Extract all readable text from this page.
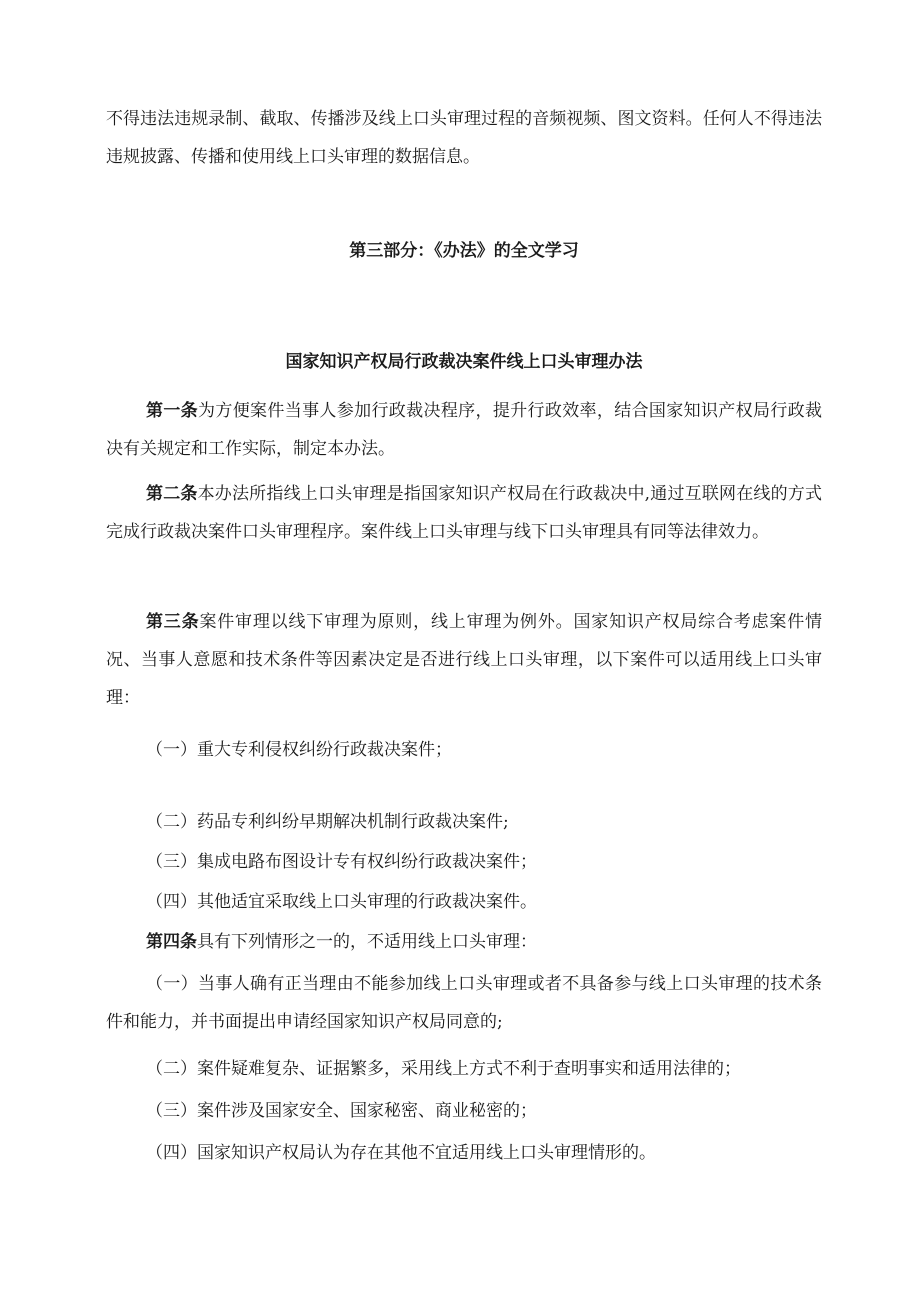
不得违法违规录制、截取、传播涉及线上口头审理过程的音频视频、图文资料。任何人不得违法违规披露、传播和使用线上口头审理的数据信息。

第三部分：《办法》的全文学习
国家知识产权局行政裁决案件线上口头审理办法

第一条为方便案件当事人参加行政裁决程序，提升行政效率，结合国家知识产权局行政裁决有关规定和工作实际，制定本办法。

第二条本办法所指线上口头审理是指国家知识产权局在行政裁决中,通过互联网在线的方式完成行政裁决案件口头审理程序。案件线上口头审理与线下口头审理具有同等法律效力。

第三条案件审理以线下审理为原则，线上审理为例外。国家知识产权局综合考虑案件情况、当事人意愿和技术条件等因素决定是否进行线上口头审理，以下案件可以适用线上口头审理：

（一）重大专利侵权纠纷行政裁决案件；

（二）药品专利纠纷早期解决机制行政裁决案件;

（三）集成电路布图设计专有权纠纷行政裁决案件；

（四）其他适宜采取线上口头审理的行政裁决案件。

第四条具有下列情形之一的，不适用线上口头审理：

（一）当事人确有正当理由不能参加线上口头审理或者不具备参与线上口头审理的技术条件和能力，并书面提出申请经国家知识产权局同意的;

（二）案件疑难复杂、证据繁多，采用线上方式不利于查明事实和适用法律的；

（三）案件涉及国家安全、国家秘密、商业秘密的；

（四）国家知识产权局认为存在其他不宜适用线上口头审理情形的。
